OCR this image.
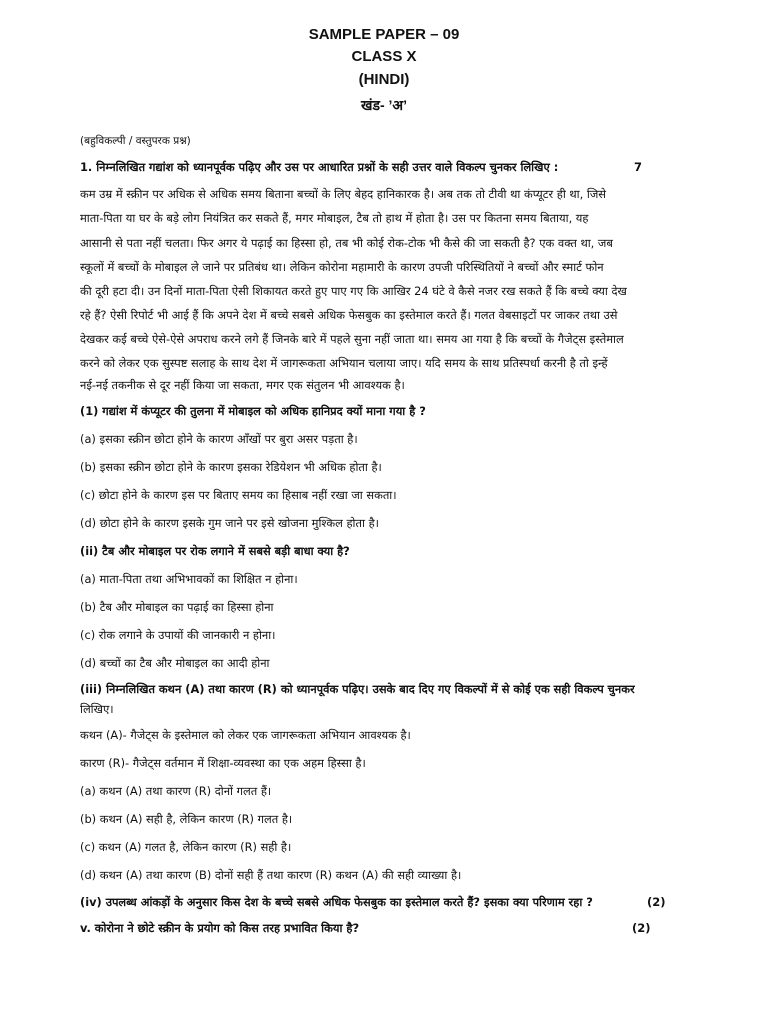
SAMPLE PAPER – 09
CLASS X
(HINDI)
खंड- ’अ’
(बहुविकल्पी / वस्तुपरक प्रश्न)
1. निम्नलिखित गद्यांश को ध्यानपूर्वक पढ़िए और उस पर आधारित प्रश्नों के सही उत्तर वाले विकल्प चुनकर लिखिए :	7
कम उम्र में स्क्रीन पर अधिक से अधिक समय बिताना बच्चों के लिए बेहद हानिकारक है। अब तक तो टीवी था कंप्यूटर ही था, जिसे
माता-पिता या घर के बड़े लोग नियंत्रित कर सकते हैं, मगर मोबाइल, टैब तो हाथ में होता है। उस पर कितना समय बिताया, यह
आसानी से पता नहीं चलता। फिर अगर ये पढ़ाई का हिस्सा हो, तब भी कोई रोक-टोक भी कैसे की जा सकती है? एक वक्त था, जब
स्कूलों में बच्चों के मोबाइल ले जाने पर प्रतिबंध था। लेकिन कोरोना महामारी के कारण उपजी परिस्थितियों ने बच्चों और स्मार्ट फोन
की दूरी हटा दी। उन दिनों माता-पिता ऐसी शिकायत करते हुए पाए गए कि आखिर 24 घंटे वे कैसे नजर रख सकते हैं कि बच्चे क्या देख
रहे हैं? ऐसी रिपोर्ट भी आई हैं कि अपने देश में बच्चे सबसे अधिक फेसबुक का इस्तेमाल करते हैं। गलत वेबसाइटों पर जाकर तथा उसे
देखकर कई बच्चे ऐसे-ऐसे अपराध करने लगे हैं जिनके बारे में पहले सुना नहीं जाता था। समय आ गया है कि बच्चों के गैजेट्स इस्तेमाल
करने को लेकर एक सुस्पष्ट सलाह के साथ देश में जागरूकता अभियान चलाया जाए। यदि समय के साथ प्रतिस्पर्धा करनी है तो इन्हें
नई-नई तकनीक से दूर नहीं किया जा सकता, मगर एक संतुलन भी आवश्यक है।
(1) गद्यांश में कंप्यूटर की तुलना में मोबाइल को अधिक हानिप्रद क्यों माना गया है ?
(a) इसका स्क्रीन छोटा होने के कारण आँखों पर बुरा असर पड़ता है।
(b) इसका स्क्रीन छोटा होने के कारण इसका रेडियेशन भी अधिक होता है।
(c) छोटा होने के कारण इस पर बिताए समय का हिसाब नहीं रखा जा सकता।
(d) छोटा होने के कारण इसके गुम जाने पर इसे खोजना मुश्किल होता है।
(ii) टैब और मोबाइल पर रोक लगाने में सबसे बड़ी बाधा क्या है?
(a) माता-पिता तथा अभिभावकों का शिक्षित न होना।
(b) टैब और मोबाइल का पढ़ाई का हिस्सा होना
(c) रोक लगाने के उपायों की जानकारी न होना।
(d) बच्चों का टैब और मोबाइल का आदी होना
(iii) निम्नलिखित कथन (A) तथा कारण (R) को ध्यानपूर्वक पढ़िए। उसके बाद दिए गए विकल्पों में से कोई एक सही विकल्प चुनकर
लिखिए।
कथन (A)- गैजेट्स के इस्तेमाल को लेकर एक जागरूकता अभियान आवश्यक है।
कारण (R)- गैजेट्स वर्तमान में शिक्षा-व्यवस्था का एक अहम हिस्सा है।
(a) कथन (A) तथा कारण (R) दोनों गलत हैं।
(b) कथन (A) सही है, लेकिन कारण (R) गलत है।
(c) कथन (A) गलत है, लेकिन कारण (R) सही है।
(d) कथन (A) तथा कारण (B) दोनों सही हैं तथा कारण (R) कथन (A) की सही व्याख्या है।
(iv) उपलब्ध आंकड़ों के अनुसार किस देश के बच्चे सबसे अधिक फेसबुक का इस्तेमाल करते हैं? इसका क्या परिणाम रहा ?	(2)
v. कोरोना ने छोटे स्क्रीन के प्रयोग को किस तरह प्रभावित किया है?	(2)
